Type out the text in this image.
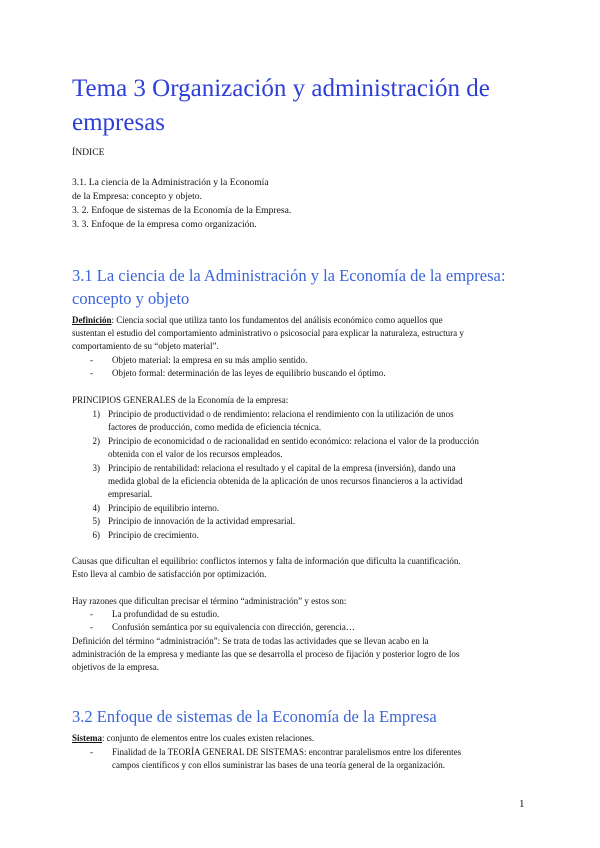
Tema 3 Organización y administración de
empresas
ÍNDICE
3.1. La ciencia de la Administración y la Economía
de la Empresa: concepto y objeto.
3. 2. Enfoque de sistemas de la Economía de la Empresa.
3. 3. Enfoque de la empresa como organización.
3.1 La ciencia de la Administración y la Economía de la empresa:
concepto y objeto
Definición: Ciencia social que utiliza tanto los fundamentos del análisis económico como aquellos que
sustentan el estudio del comportamiento administrativo o psicosocial para explicar la naturaleza, estructura y
comportamiento de su “objeto material”.
- Objeto material: la empresa en su más amplio sentido.
- Objeto formal: determinación de las leyes de equilibrio buscando el óptimo.
PRINCIPIOS GENERALES de la Economía de la empresa:
1) Principio de productividad o de rendimiento: relaciona el rendimiento con la utilización de unos
factores de producción, como medida de eficiencia técnica.
2) Principio de economicidad o de racionalidad en sentido económico: relaciona el valor de la producción
obtenida con el valor de los recursos empleados.
3) Principio de rentabilidad: relaciona el resultado y el capital de la empresa (inversión), dando una
medida global de la eficiencia obtenida de la aplicación de unos recursos financieros a la actividad
empresarial.
4) Principio de equilibrio interno.
5) Principio de innovación de la actividad empresarial.
6) Principio de crecimiento.
Causas que dificultan el equilibrio: conflictos internos y falta de información que dificulta la cuantificación.
Esto lleva al cambio de satisfacción por optimización.
Hay razones que dificultan precisar el término “administración” y estos son:
- La profundidad de su estudio.
- Confusión semántica por su equivalencia con dirección, gerencia…
Definición del término “administración”: Se trata de todas las actividades que se llevan acabo en la
administración de la empresa y mediante las que se desarrolla el proceso de fijación y posterior logro de los
objetivos de la empresa.
3.2 Enfoque de sistemas de la Economía de la Empresa
Sistema: conjunto de elementos entre los cuales existen relaciones.
- Finalidad de la TEORÍA GENERAL DE SISTEMAS: encontrar paralelismos entre los diferentes
campos científicos y con ellos suministrar las bases de una teoría general de la organización.
1
